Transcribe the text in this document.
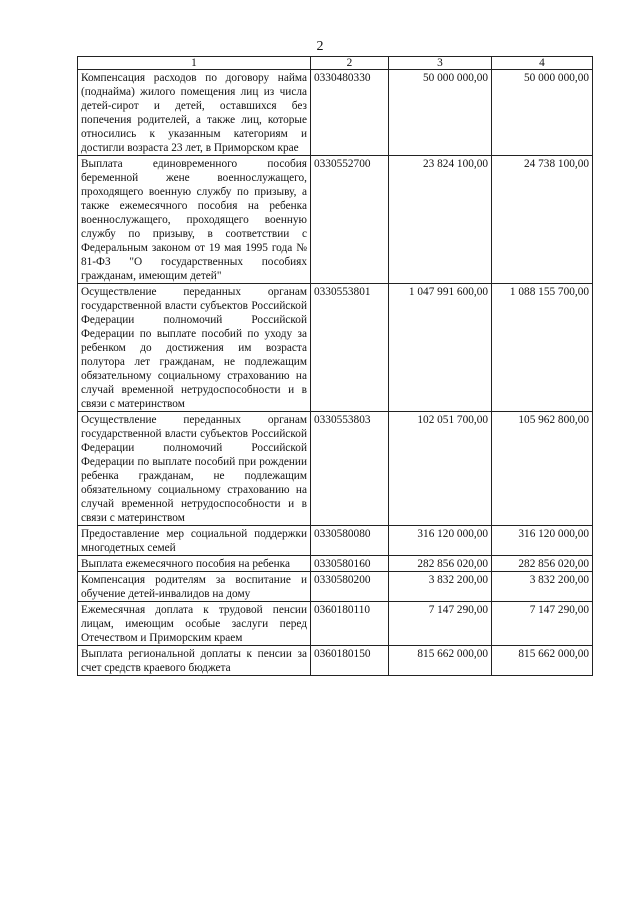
2
1	2	3	4
Компенсация расходов по договору найма (поднайма) жилого помещения лиц из числа детей-сирот и детей, оставшихся без попечения родителей, а также лиц, которые относились к указанным категориям и достигли возраста 23 лет, в Приморском крае	0330480330	50 000 000,00	50 000 000,00
Выплата единовременного пособия беременной жене военнослужащего, проходящего военную службу по призыву, а также ежемесячного пособия на ребенка военнослужащего, проходящего военную службу по призыву, в соответствии с Федеральным законом от 19 мая 1995 года № 81-ФЗ "О государственных пособиях гражданам, имеющим детей"	0330552700	23 824 100,00	24 738 100,00
Осуществление переданных органам государственной власти субъектов Российской Федерации полномочий Российской Федерации по выплате пособий по уходу за ребенком до достижения им возраста полутора лет гражданам, не подлежащим обязательному социальному страхованию на случай временной нетрудоспособности и в связи с материнством	0330553801	1 047 991 600,00	1 088 155 700,00
Осуществление переданных органам государственной власти субъектов Российской Федерации полномочий Российской Федерации по выплате пособий при рождении ребенка гражданам, не подлежащим обязательному социальному страхованию на случай временной нетрудоспособности и в связи с материнством	0330553803	102 051 700,00	105 962 800,00
Предоставление мер социальной поддержки многодетных семей	0330580080	316 120 000,00	316 120 000,00
Выплата ежемесячного пособия на ребенка	0330580160	282 856 020,00	282 856 020,00
Компенсация родителям за воспитание и обучение детей-инвалидов на дому	0330580200	3 832 200,00	3 832 200,00
Ежемесячная доплата к трудовой пенсии лицам, имеющим особые заслуги перед Отечеством и Приморским краем	0360180110	7 147 290,00	7 147 290,00
Выплата региональной доплаты к пенсии за счет средств краевого бюджета	0360180150	815 662 000,00	815 662 000,00
